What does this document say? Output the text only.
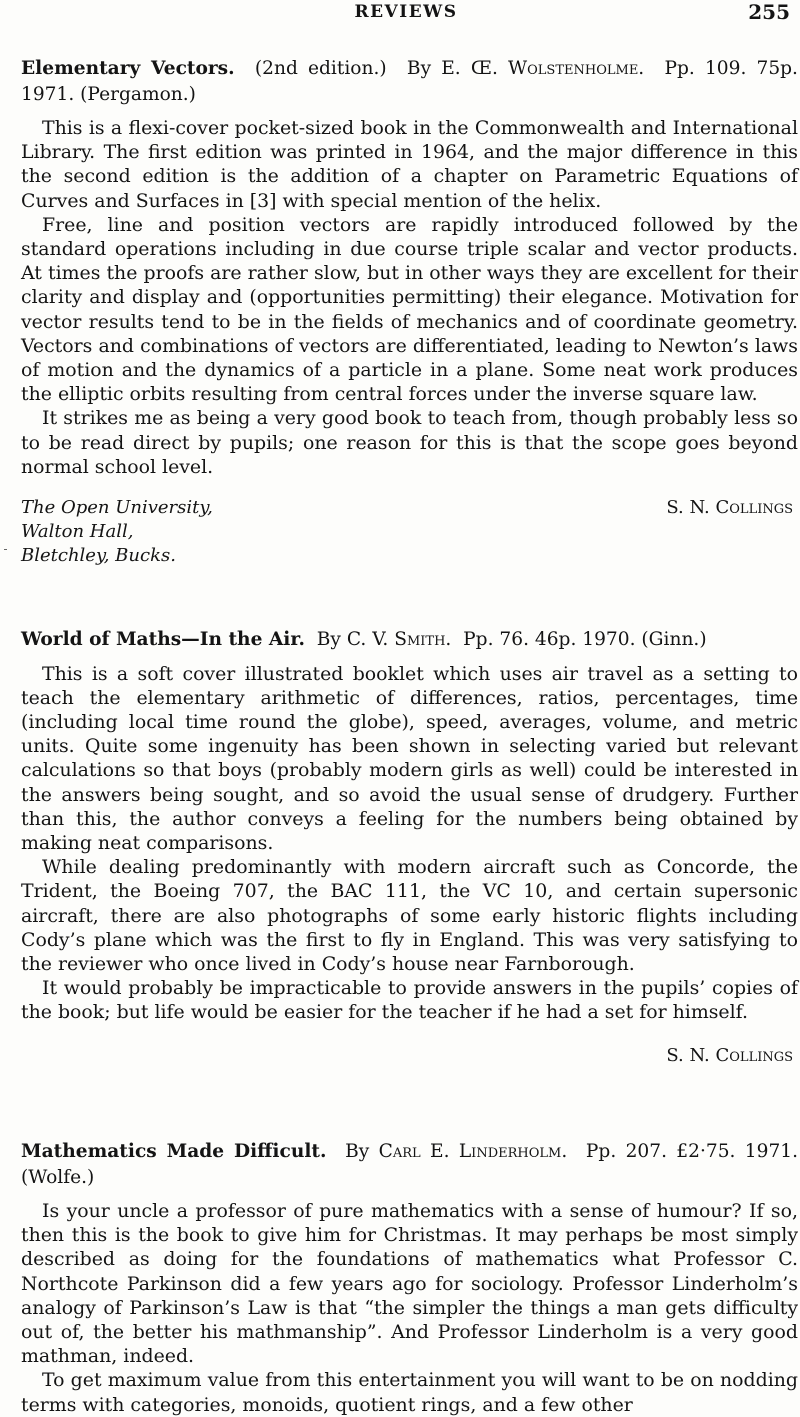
REVIEWS	255

Elementary Vectors. (2nd edition.) By E. Œ. Wolstenholme. Pp. 109. 75p. 1971. (Pergamon.)

This is a flexi-cover pocket-sized book in the Commonwealth and International Library. The first edition was printed in 1964, and the major difference in this the second edition is the addition of a chapter on Parametric Equations of Curves and Surfaces in [3] with special mention of the helix.

Free, line and position vectors are rapidly introduced followed by the standard operations including in due course triple scalar and vector products. At times the proofs are rather slow, but in other ways they are excellent for their clarity and display and (opportunities permitting) their elegance. Motivation for vector results tend to be in the fields of mechanics and of coordinate geometry. Vectors and combinations of vectors are differentiated, leading to Newton’s laws of motion and the dynamics of a particle in a plane. Some neat work produces the elliptic orbits resulting from central forces under the inverse square law.

It strikes me as being a very good book to teach from, though probably less so to be read direct by pupils; one reason for this is that the scope goes beyond normal school level.

The Open University,
Walton Hall,
Bletchley, Bucks.
S. N. Collings

World of Maths—In the Air. By C. V. Smith. Pp. 76. 46p. 1970. (Ginn.)

This is a soft cover illustrated booklet which uses air travel as a setting to teach the elementary arithmetic of differences, ratios, percentages, time (including local time round the globe), speed, averages, volume, and metric units. Quite some ingenuity has been shown in selecting varied but relevant calculations so that boys (probably modern girls as well) could be interested in the answers being sought, and so avoid the usual sense of drudgery. Further than this, the author conveys a feeling for the numbers being obtained by making neat comparisons.

While dealing predominantly with modern aircraft such as Concorde, the Trident, the Boeing 707, the BAC 111, the VC 10, and certain supersonic aircraft, there are also photographs of some early historic flights including Cody’s plane which was the first to fly in England. This was very satisfying to the reviewer who once lived in Cody’s house near Farnborough.

It would probably be impracticable to provide answers in the pupils’ copies of the book; but life would be easier for the teacher if he had a set for himself.

S. N. Collings

Mathematics Made Difficult. By Carl E. Linderholm. Pp. 207. £2·75. 1971. (Wolfe.)

Is your uncle a professor of pure mathematics with a sense of humour? If so, then this is the book to give him for Christmas. It may perhaps be most simply described as doing for the foundations of mathematics what Professor C. Northcote Parkinson did a few years ago for sociology. Professor Linderholm’s analogy of Parkinson’s Law is that “the simpler the things a man gets difficulty out of, the better his mathmanship”. And Professor Linderholm is a very good mathman, indeed.

To get maximum value from this entertainment you will want to be on nodding terms with categories, monoids, quotient rings, and a few other
